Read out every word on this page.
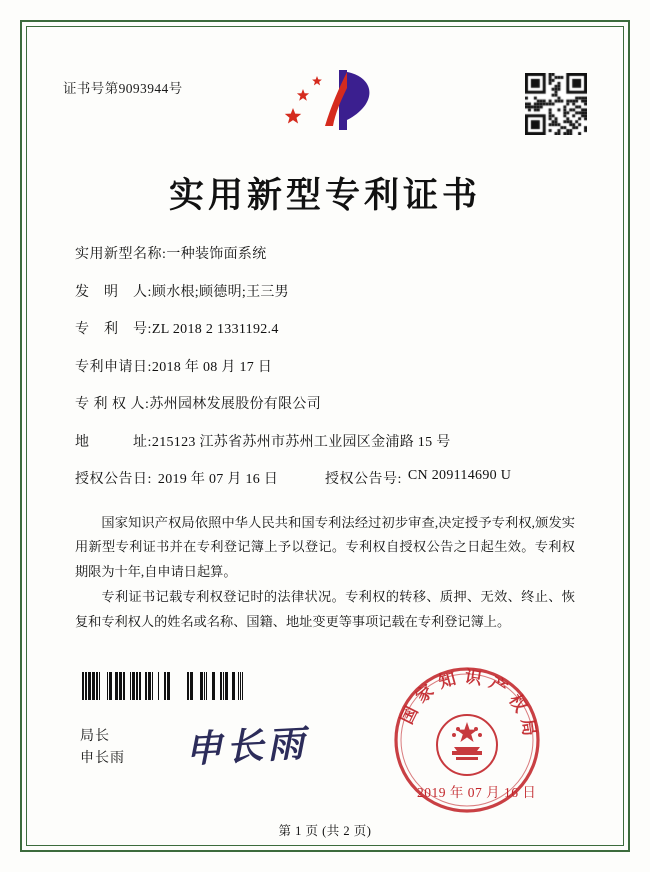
证书号第9093944号
实用新型专利证书
实用新型名称: 一种装饰面系统
发　明　人: 顾水根;顾德明;王三男
专　利　号: ZL 2018 2 1331192.4
专利申请日: 2018 年 08 月 17 日
专 利 权 人: 苏州园林发展股份有限公司
地　　　址: 215123 江苏省苏州市苏州工业园区金浦路 15 号
授权公告日: 2019 年 07 月 16 日	授权公告号: CN 209114690 U

国家知识产权局依照中华人民共和国专利法经过初步审查,决定授予专利权,颁发实用新型专利证书并在专利登记簿上予以登记。专利权自授权公告之日起生效。专利权期限为十年,自申请日起算。

专利证书记载专利权登记时的法律状况。专利权的转移、质押、无效、终止、恢复和专利权人的姓名或名称、国籍、地址变更等事项记载在专利登记簿上。

局长
申长雨 申长雨
国家知识产权局
2019 年 07 月 16 日
第 1 页 (共 2 页)
